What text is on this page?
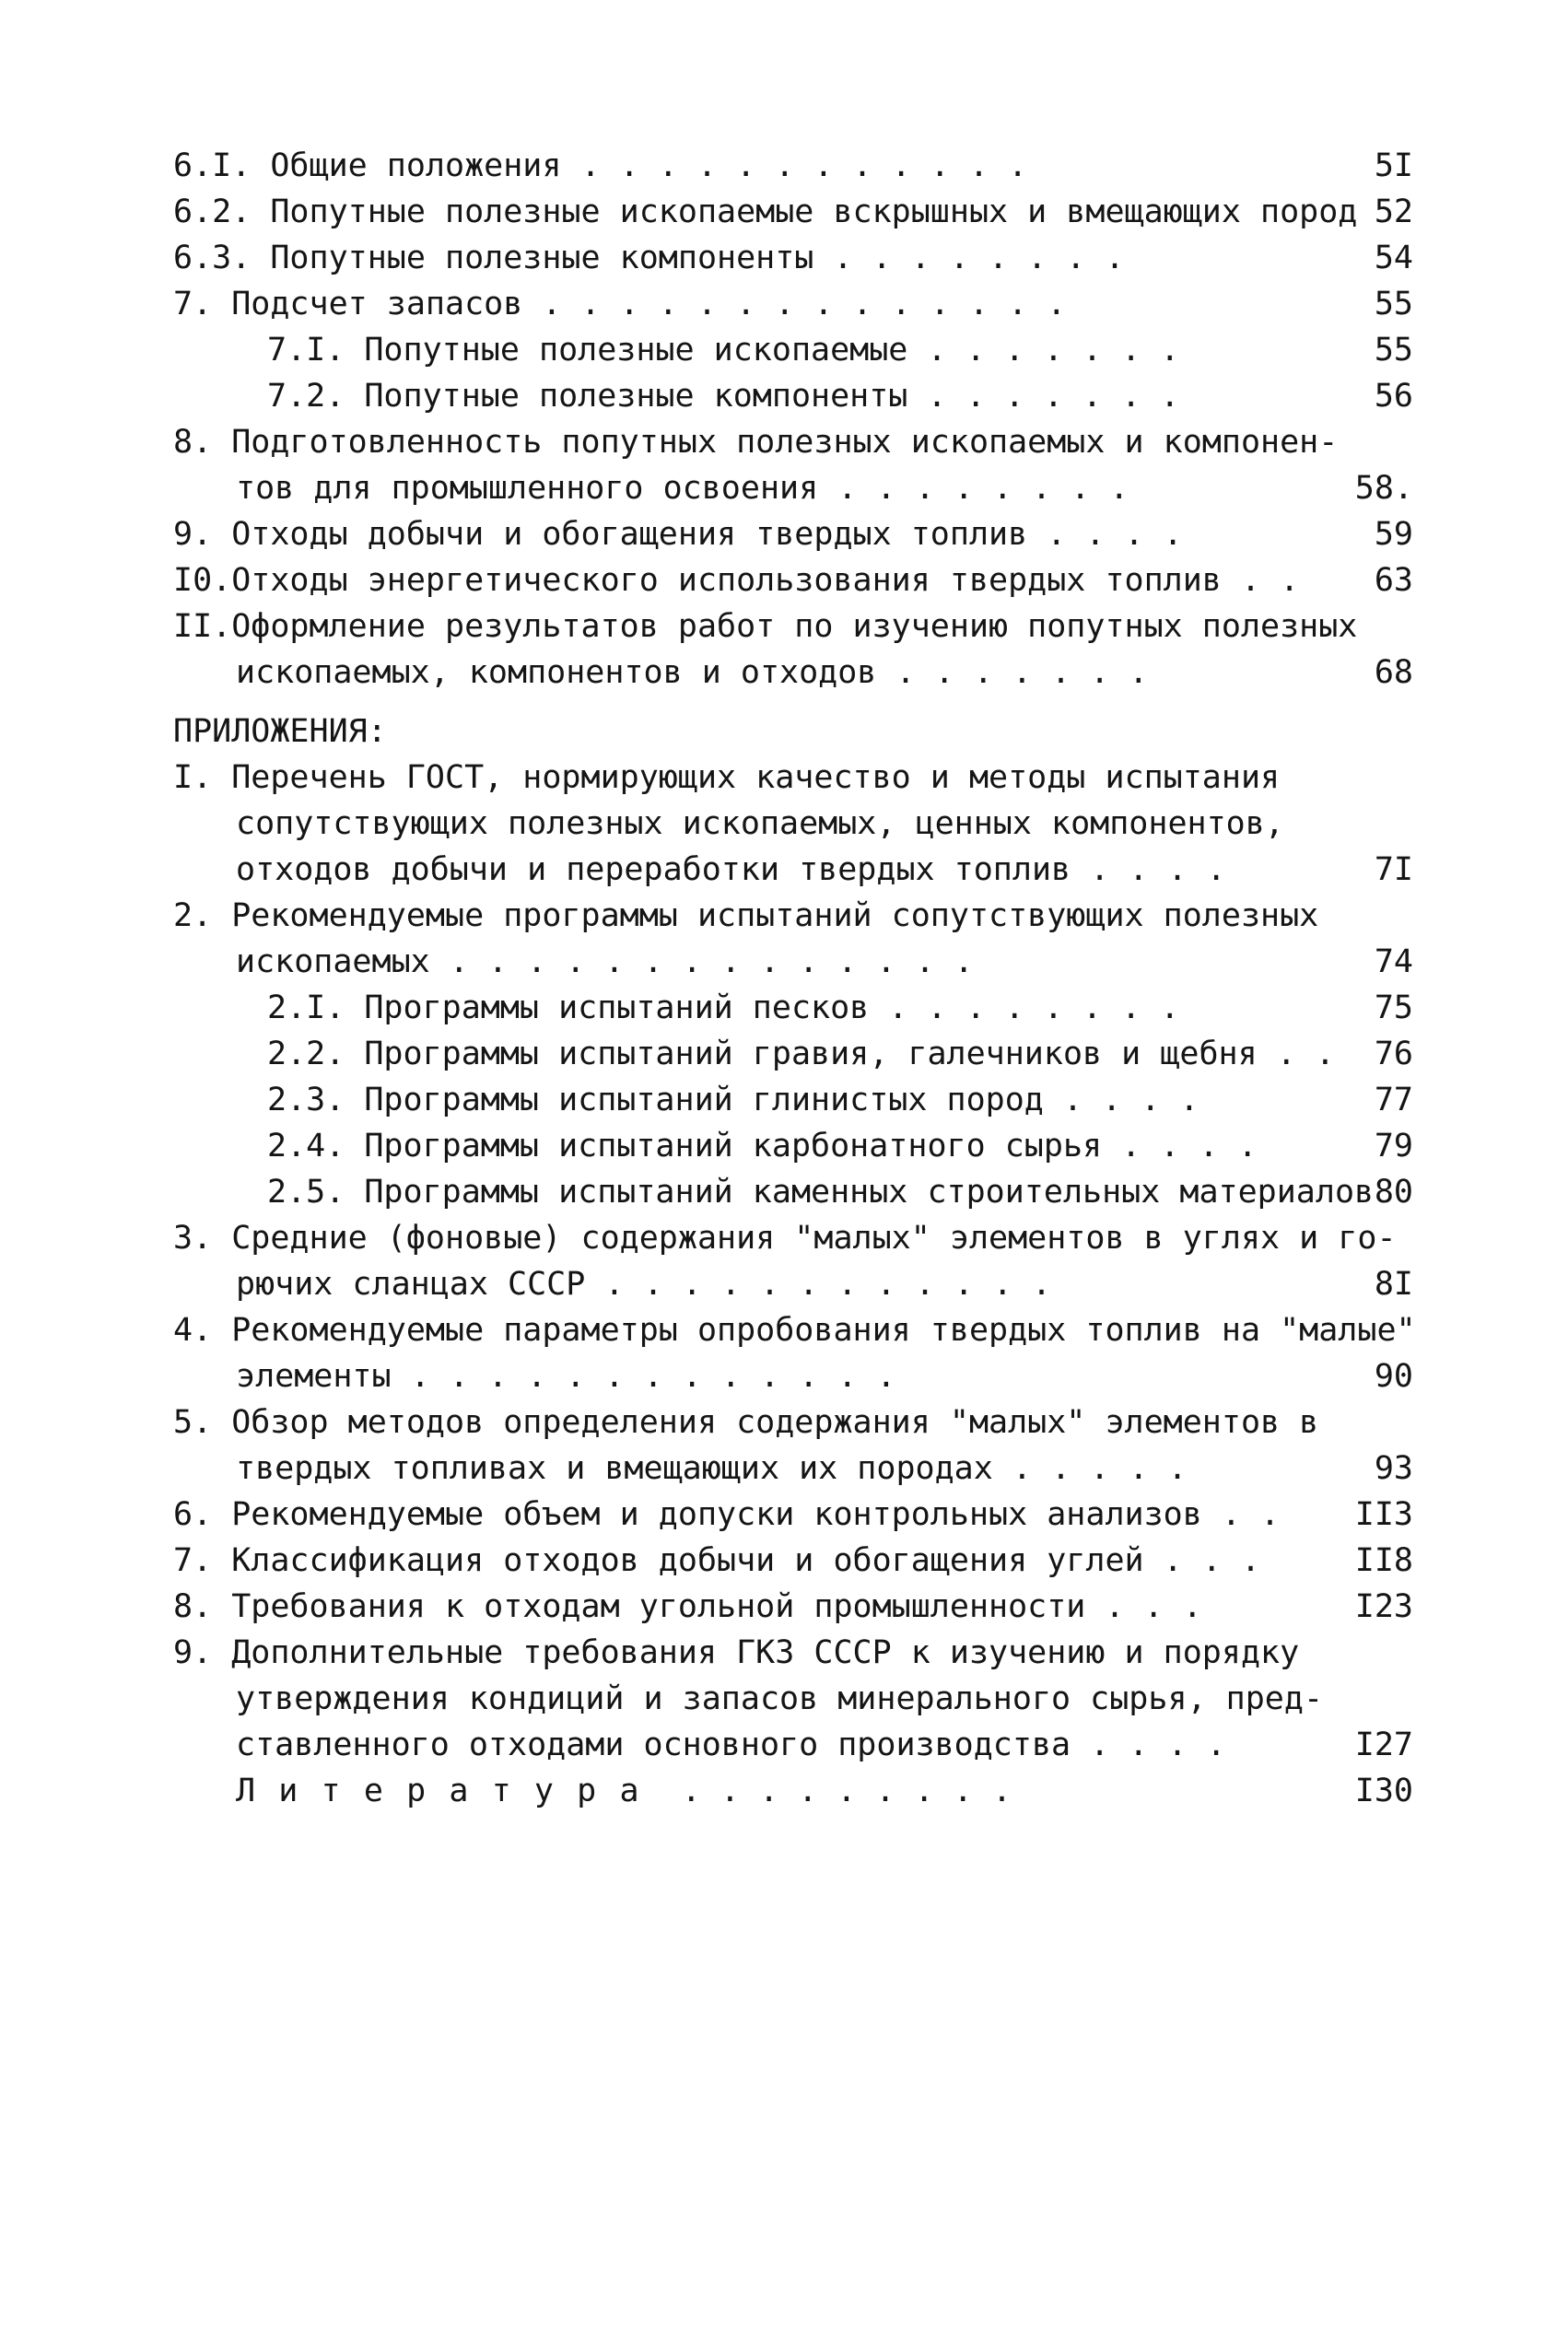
6.I. Общие положения . . . . . . . . . . . .	5I
6.2. Попутные полезные ископаемые вскрышных и вмещающих пород 52
6.3. Попутные полезные компоненты . . . . . . . .	54
7. Подсчет запасов . . . . . . . . . . . . . .	55
7.I. Попутные полезные ископаемые . . . . . . .	55
7.2. Попутные полезные компоненты . . . . . . .	56
8. Подготовленность попутных полезных ископаемых и компонен-
тов для промышленного освоения . . . . . . . .	58.
9. Отходы добычи и обогащения твердых топлив . . . .	59
I0.Отходы энергетического использования твердых топлив . . 63
II.Оформление результатов работ по изучению попутных полезных
ископаемых, компонентов и отходов . . . . . . .	68
ПРИЛОЖЕНИЯ:
I. Перечень ГОСТ, нормирующих качество и методы испытания
сопутствующих полезных ископаемых, ценных компонентов,
отходов добычи и переработки твердых топлив . . . .	7I
2. Рекомендуемые программы испытаний сопутствующих полезных
ископаемых . . . . . . . . . . . . . .	74
2.I. Программы испытаний песков . . . . . . . .	75
2.2. Программы испытаний гравия, галечников и щебня . . 76
2.3. Программы испытаний глинистых пород . . . .	77
2.4. Программы испытаний карбонатного сырья . . . .	79
2.5. Программы испытаний каменных строительных материалов 80
3. Средние (фоновые) содержания "малых" элементов в углях и го-
рючих сланцах СССР . . . . . . . . . . . .	8I
4. Рекомендуемые параметры опробования твердых топлив на "малые"
элементы . . . . . . . . . . . . .	90
5. Обзор методов определения содержания "малых" элементов в
твердых топливах и вмещающих их породах . . . . .	93
6. Рекомендуемые объем и допуски контрольных анализов . . II3
7. Классификация отходов добычи и обогащения углей . . .	II8
8. Требования к отходам угольной промышленности . . .	I23
9. Дополнительные требования ГКЗ СССР к изучению и порядку
утверждения кондиций и запасов минерального сырья, пред-
ставленного отходами основного производства . . . .	I27
Литература . . . . . . . . .	I30
